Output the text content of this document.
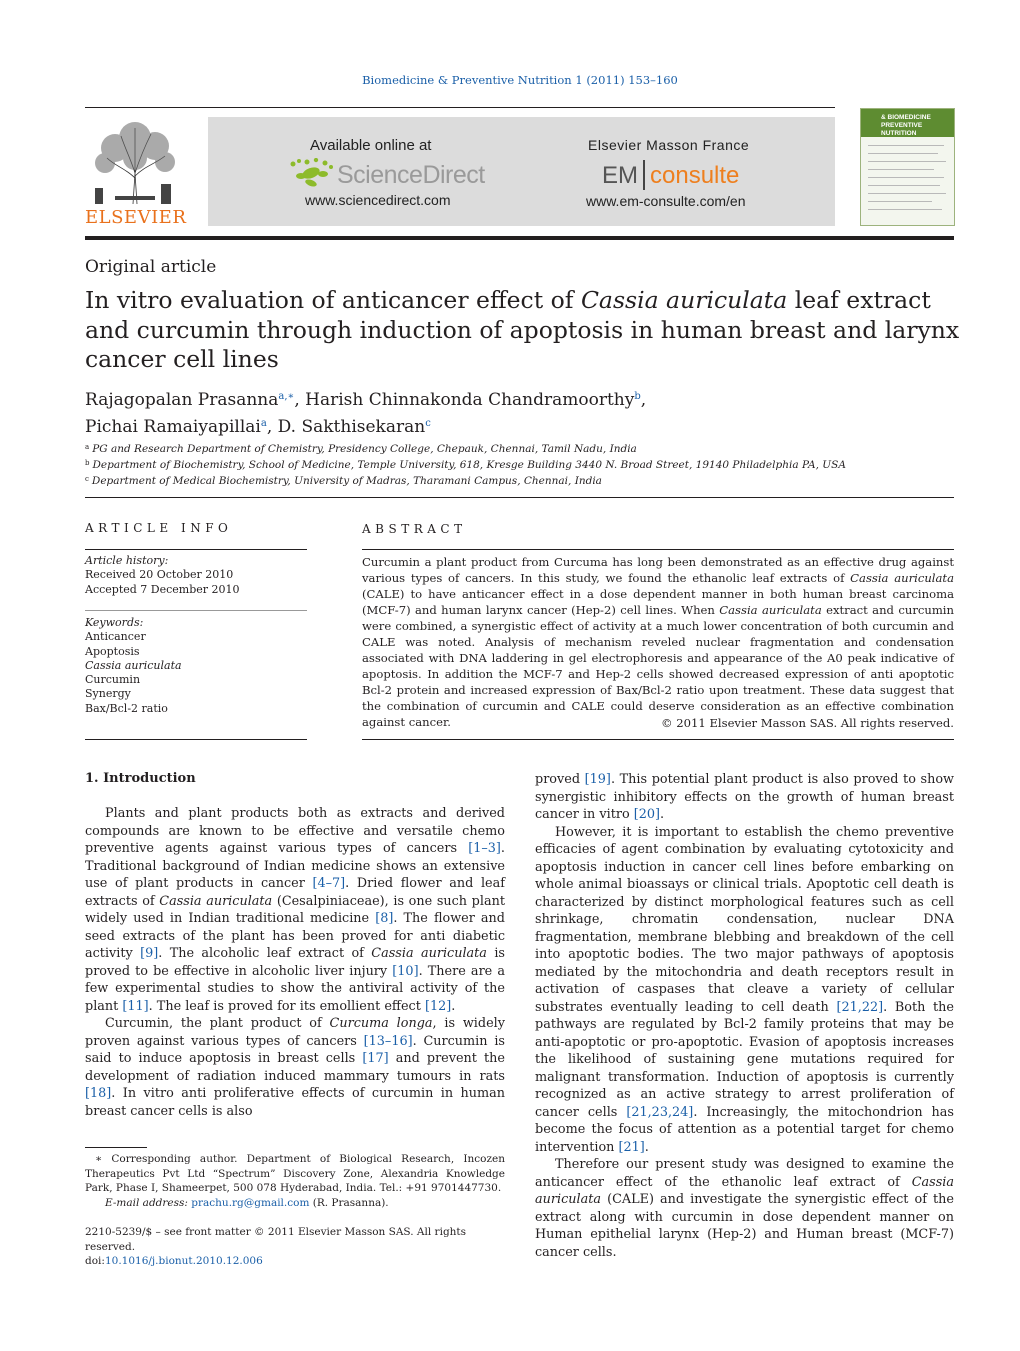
Biomedicine & Preventive Nutrition 1 (2011) 153–160
ELSEVIER
Available online at
ScienceDirect
www.sciencedirect.com
Elsevier Masson France
EM consulte
www.em-consulte.com/en
& BIOMEDICINE
PREVENTIVE NUTRITION
Original article
In vitro evaluation of anticancer effect of Cassia auriculata leaf extract and curcumin through induction of apoptosis in human breast and larynx cancer cell lines
Rajagopalan Prasanna$^{a,∗}$, Harish Chinnakonda Chandramoorthy$^b$,
Pichai Ramaiyapillai$^a$, D. Sakthisekaran$^c$
$^a$ PG and Research Department of Chemistry, Presidency College, Chepauk, Chennai, Tamil Nadu, India
$^b$ Department of Biochemistry, School of Medicine, Temple University, 618, Kresge Building 3440 N. Broad Street, 19140 Philadelphia PA, USA
$^c$ Department of Medical Biochemistry, University of Madras, Tharamani Campus, Chennai, India
ARTICLE INFO
Article history:
Received 20 October 2010
Accepted 7 December 2010
Keywords:
Anticancer
Apoptosis
Cassia auriculata
Curcumin
Synergy
Bax/Bcl-2 ratio
ABSTRACT
Curcumin a plant product from Curcuma has long been demonstrated as an effective drug against various types of cancers. In this study, we found the ethanolic leaf extracts of Cassia auriculata (CALE) to have anticancer effect in a dose dependent manner in both human breast carcinoma (MCF-7) and human larynx cancer (Hep-2) cell lines. When Cassia auriculata extract and curcumin were combined, a synergistic effect of activity at a much lower concentration of both curcumin and CALE was noted. Analysis of mechanism reveled nuclear fragmentation and condensation associated with DNA laddering in gel electrophoresis and appearance of the A0 peak indicative of apoptosis. In addition the MCF-7 and Hep-2 cells showed decreased expression of anti apoptotic Bcl-2 protein and increased expression of Bax/Bcl-2 ratio upon treatment. These data suggest that the combination of curcumin and CALE could deserve consideration as an effective combination against cancer.	© 2011 Elsevier Masson SAS. All rights reserved.
1. Introduction

Plants and plant products both as extracts and derived compounds are known to be effective and versatile chemo preventive agents against various types of cancers [1–3]. Traditional background of Indian medicine shows an extensive use of plant products in cancer [4–7]. Dried flower and leaf extracts of Cassia auriculata (Cesalpiniaceae), is one such plant widely used in Indian traditional medicine [8]. The flower and seed extracts of the plant has been proved for anti diabetic activity [9]. The alcoholic leaf extract of Cassia auriculata is proved to be effective in alcoholic liver injury [10]. There are a few experimental studies to show the antiviral activity of the plant [11]. The leaf is proved for its emollient effect [12].

Curcumin, the plant product of Curcuma longa, is widely proven against various types of cancers [13–16]. Curcumin is said to induce apoptosis in breast cells [17] and prevent the development of radiation induced mammary tumours in rats [18]. In vitro anti proliferative effects of curcumin in human breast cancer cells is also

∗ Corresponding author. Department of Biological Research, Incozen Therapeutics Pvt Ltd “Spectrum” Discovery Zone, Alexandria Knowledge Park, Phase I, Shameerpet, 500 078 Hyderabad, India. Tel.: +91 9701447730.
E-mail address: prachu.rg@gmail.com (R. Prasanna).
2210-5239/$ – see front matter © 2011 Elsevier Masson SAS. All rights reserved.
doi:10.1016/j.bionut.2010.12.006

proved [19]. This potential plant product is also proved to show synergistic inhibitory effects on the growth of human breast cancer in vitro [20].

However, it is important to establish the chemo preventive efficacies of agent combination by evaluating cytotoxicity and apoptosis induction in cancer cell lines before embarking on whole animal bioassays or clinical trials. Apoptotic cell death is characterized by distinct morphological features such as cell shrinkage, chromatin condensation, nuclear DNA fragmentation, membrane blebbing and breakdown of the cell into apoptotic bodies. The two major pathways of apoptosis mediated by the mitochondria and death receptors result in activation of caspases that cleave a variety of cellular substrates eventually leading to cell death [21,22]. Both the pathways are regulated by Bcl-2 family proteins that may be anti-apoptotic or pro-apoptotic. Evasion of apoptosis increases the likelihood of sustaining gene mutations required for malignant transformation. Induction of apoptosis is currently recognized as an active strategy to arrest proliferation of cancer cells [21,23,24]. Increasingly, the mitochondrion has become the focus of attention as a potential target for chemo intervention [21].

Therefore our present study was designed to examine the anticancer effect of the ethanolic leaf extract of Cassia auriculata (CALE) and investigate the synergistic effect of the extract along with curcumin in dose dependent manner on Human epithelial larynx (Hep-2) and Human breast (MCF-7) cancer cells.
